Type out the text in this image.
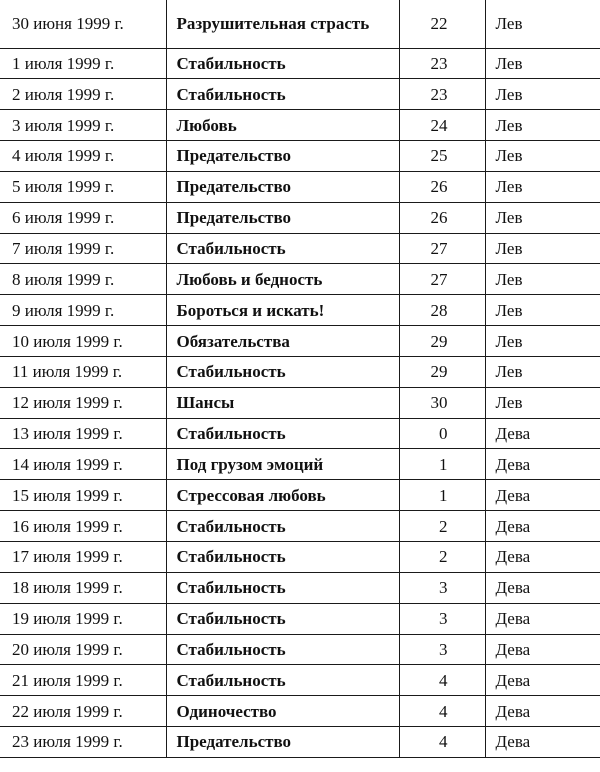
30 июня 1999 г.	Разрушительная страсть	22	Лев
1 июля 1999 г.	Стабильность	23	Лев
2 июля 1999 г.	Стабильность	23	Лев
3 июля 1999 г.	Любовь	24	Лев
4 июля 1999 г.	Предательство	25	Лев
5 июля 1999 г.	Предательство	26	Лев
6 июля 1999 г.	Предательство	26	Лев
7 июля 1999 г.	Стабильность	27	Лев
8 июля 1999 г.	Любовь и бедность	27	Лев
9 июля 1999 г.	Бороться и искать!	28	Лев
10 июля 1999 г.	Обязательства	29	Лев
11 июля 1999 г.	Стабильность	29	Лев
12 июля 1999 г.	Шансы	30	Лев
13 июля 1999 г.	Стабильность	0	Дева
14 июля 1999 г.	Под грузом эмоций	1	Дева
15 июля 1999 г.	Стрессовая любовь	1	Дева
16 июля 1999 г.	Стабильность	2	Дева
17 июля 1999 г.	Стабильность	2	Дева
18 июля 1999 г.	Стабильность	3	Дева
19 июля 1999 г.	Стабильность	3	Дева
20 июля 1999 г.	Стабильность	3	Дева
21 июля 1999 г.	Стабильность	4	Дева
22 июля 1999 г.	Одиночество	4	Дева
23 июля 1999 г.	Предательство	4	Дева
